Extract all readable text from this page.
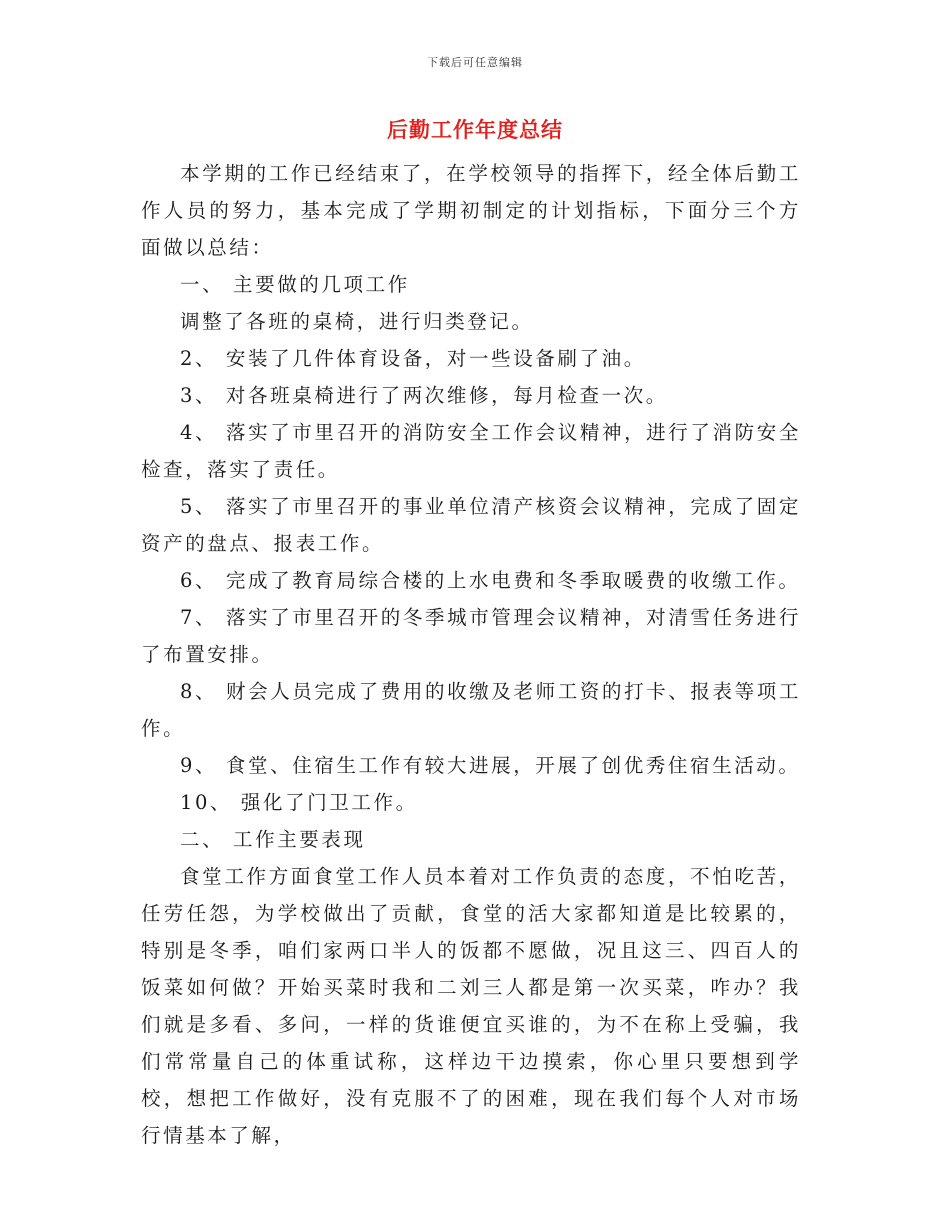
下载后可任意编辑
后勤工作年度总结

本学期的工作已经结束了，在学校领导的指挥下，经全体后勤工作人员的努力，基本完成了学期初制定的计划指标，下面分三个方面做以总结：

一、 主要做的几项工作

调整了各班的桌椅，进行归类登记。

2、 安装了几件体育设备，对一些设备刷了油。

3、 对各班桌椅进行了两次维修，每月检查一次。

4、 落实了市里召开的消防安全工作会议精神，进行了消防安全检查，落实了责任。

5、 落实了市里召开的事业单位清产核资会议精神，完成了固定资产的盘点、报表工作。

6、 完成了教育局综合楼的上水电费和冬季取暖费的收缴工作。

7、 落实了市里召开的冬季城市管理会议精神，对清雪任务进行了布置安排。

8、 财会人员完成了费用的收缴及老师工资的打卡、报表等项工作。

9、 食堂、住宿生工作有较大进展，开展了创优秀住宿生活动。

10、 强化了门卫工作。

二、 工作主要表现

食堂工作方面食堂工作人员本着对工作负责的态度，不怕吃苦，任劳任怨，为学校做出了贡献，食堂的活大家都知道是比较累的，特别是冬季，咱们家两口半人的饭都不愿做，况且这三、四百人的饭菜如何做？开始买菜时我和二刘三人都是第一次买菜，咋办？我们就是多看、多问，一样的货谁便宜买谁的，为不在称上受骗，我们常常量自己的体重试称，这样边干边摸索，你心里只要想到学校，想把工作做好，没有克服不了的困难，现在我们每个人对市场行情基本了解，
